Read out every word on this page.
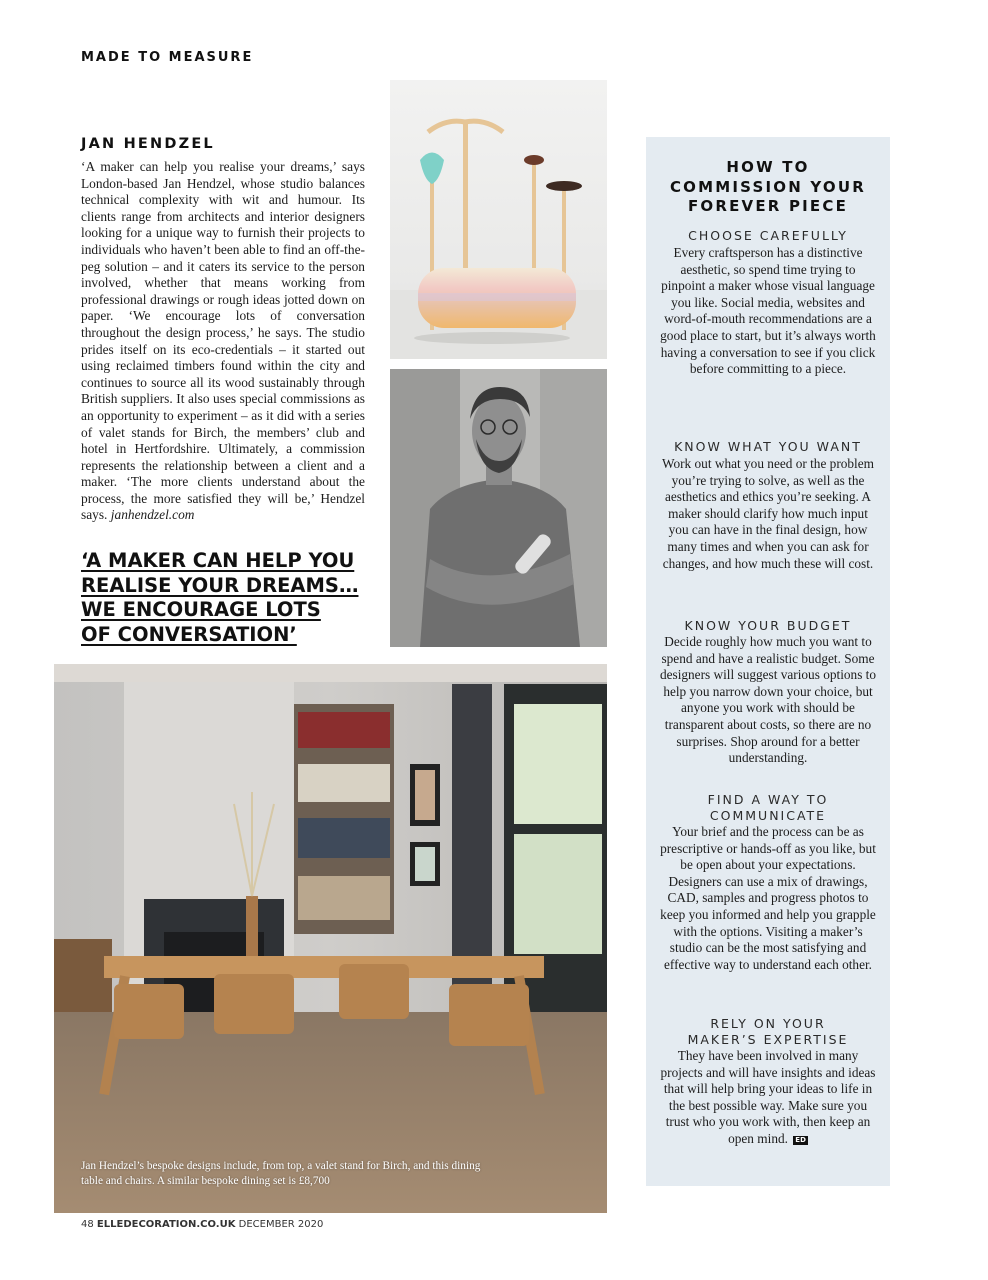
MADE TO MEASURE
JAN HENDZEL

‘A maker can help you realise your dreams,’ says London-based Jan Hendzel, whose studio balances technical complexity with wit and humour. Its clients range from architects and interior designers looking for a unique way to furnish their projects to individuals who haven’t been able to find an off-the-peg solution – and it caters its service to the person involved, whether that means working from professional drawings or rough ideas jotted down on paper. ‘We encourage lots of conversation throughout the design process,’ he says. The studio prides itself on its eco-credentials – it started out using reclaimed timbers found within the city and continues to source all its wood sustainably through British suppliers. It also uses special commissions as an opportunity to experiment – as it did with a series of valet stands for Birch, the members’ club and hotel in Hertfordshire. Ultimately, a commission represents the relationship between a client and a maker. ‘The more clients understand about the process, the more satisfied they will be,’ Hendzel says. janhendzel.com

‘A MAKER CAN HELP YOU
REALISE YOUR DREAMS…
WE ENCOURAGE LOTS
OF CONVERSATION’

Jan Hendzel’s bespoke designs include, from top, a valet stand for Birch, and this dining table and chairs. A similar bespoke dining set is £8,700

HOW TO
COMMISSION YOUR
FOREVER PIECE

CHOOSE CAREFULLY

Every craftsperson has a distinctive aesthetic, so spend time trying to pinpoint a maker whose visual language you like. Social media, websites and word-of-mouth recommendations are a good place to start, but it’s always worth having a conversation to see if you click before committing to a piece.

KNOW WHAT YOU WANT

Work out what you need or the problem you’re trying to solve, as well as the aesthetics and ethics you’re seeking. A maker should clarify how much input you can have in the final design, how many times and when you can ask for changes, and how much these will cost.

KNOW YOUR BUDGET

Decide roughly how much you want to spend and have a realistic budget. Some designers will suggest various options to help you narrow down your choice, but anyone you work with should be transparent about costs, so there are no surprises. Shop around for a better understanding.

FIND A WAY TO
COMMUNICATE

Your brief and the process can be as prescriptive or hands-off as you like, but be open about your expectations. Designers can use a mix of drawings, CAD, samples and progress photos to keep you informed and help you grapple with the options. Visiting a maker’s studio can be the most satisfying and effective way to understand each other.

RELY ON YOUR
MAKER’S EXPERTISE

They have been involved in many projects and will have insights and ideas that will help bring your ideas to life in the best possible way. Make sure you trust who you work with, then keep an open mind. ED

48 ELLEDECORATION.CO.UK DECEMBER 2020
